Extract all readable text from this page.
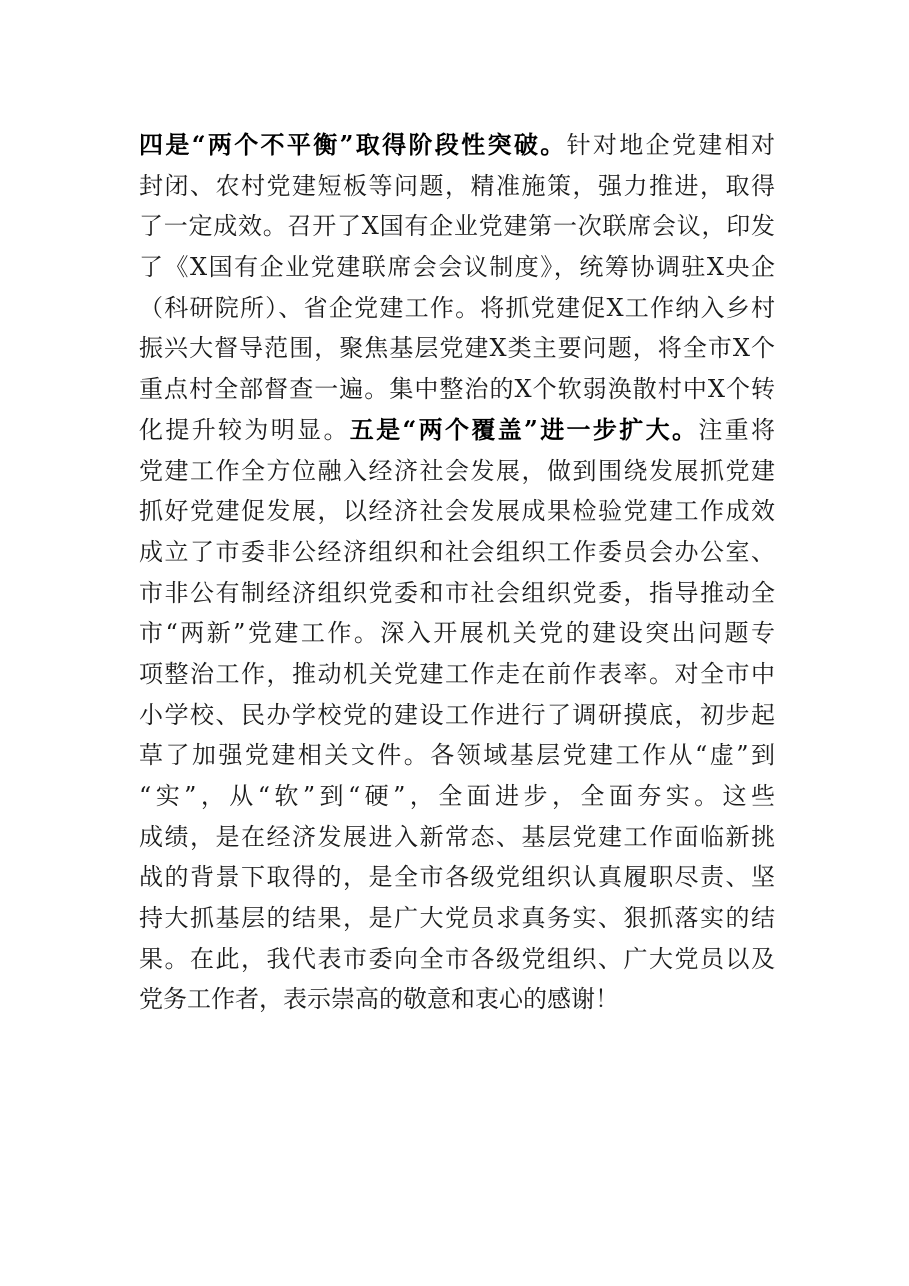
四是“两个不平衡”取得阶段性突破。针对地企党建相对
封闭、农村党建短板等问题，精准施策，强力推进，取得
了一定成效。召开了X国有企业党建第一次联席会议，印发
了《X国有企业党建联席会会议制度》，统筹协调驻X央企
（科研院所）、省企党建工作。将抓党建促X工作纳入乡村
振兴大督导范围，聚焦基层党建X类主要问题，将全市X个
重点村全部督查一遍。集中整治的X个软弱涣散村中X个转
化提升较为明显。五是“两个覆盖”进一步扩大。注重将
党建工作全方位融入经济社会发展，做到围绕发展抓党建
抓好党建促发展，以经济社会发展成果检验党建工作成效
成立了市委非公经济组织和社会组织工作委员会办公室、
市非公有制经济组织党委和市社会组织党委，指导推动全
市“两新”党建工作。深入开展机关党的建设突出问题专
项整治工作，推动机关党建工作走在前作表率。对全市中
小学校、民办学校党的建设工作进行了调研摸底，初步起
草了加强党建相关文件。各领域基层党建工作从“虚”到
“实”，从“软”到“硬”，全面进步，全面夯实。这些
成绩，是在经济发展进入新常态、基层党建工作面临新挑
战的背景下取得的，是全市各级党组织认真履职尽责、坚
持大抓基层的结果，是广大党员求真务实、狠抓落实的结
果。在此，我代表市委向全市各级党组织、广大党员以及
党务工作者，表示崇高的敬意和衷心的感谢！
